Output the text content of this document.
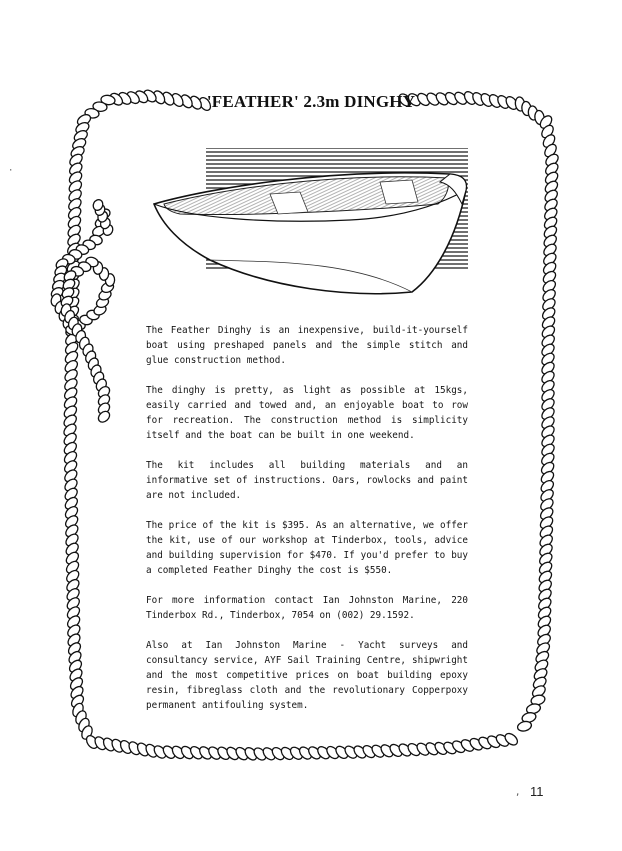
'FEATHER' 2.3m DINGHY

The Feather Dinghy is an inexpensive, build-it-yourself boat using preshaped panels and the simple stitch and glue construction method.

The dinghy is pretty, as light as possible at 15kgs, easily carried and towed and, an enjoyable boat to row for recreation. The construction method is simplicity itself and the boat can be built in one weekend.

The kit includes all building materials and an informative set of instructions. Oars, rowlocks and paint are not included.

The price of the kit is $395. As an alternative, we offer the kit, use of our workshop at Tinderbox, tools, advice and building supervision for $470. If you'd prefer to buy a completed Feather Dinghy the cost is $550.

For more information contact Ian Johnston Marine, 220 Tinderbox Rd., Tinderbox, 7054 on (002) 29.1592.

Also at Ian Johnston Marine - Yacht surveys and consultancy service, AYF Sail Training Centre, shipwright and the most competitive prices on boat building epoxy resin, fibreglass cloth and the revolutionary Copperpoxy permanent antifouling system.

11
·
,
